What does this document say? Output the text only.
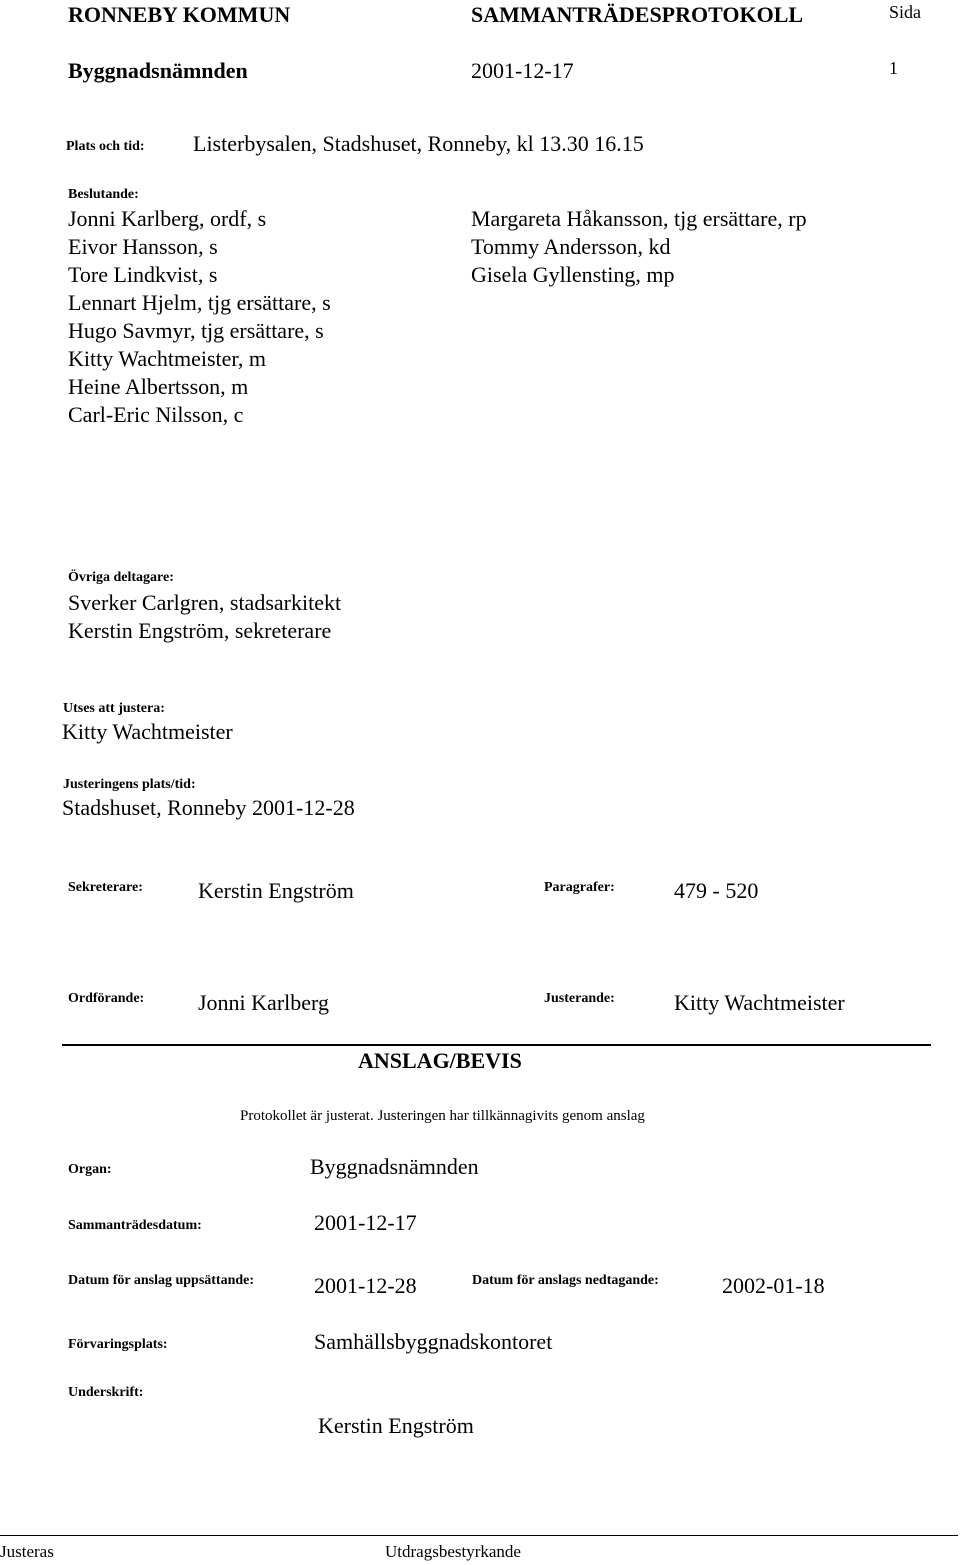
RONNEBY KOMMUN	SAMMANTRÄDESPROTOKOLL	Sida
Byggnadsnämnden	2001-12-17	1
Plats och tid: Listerbysalen, Stadshuset, Ronneby, kl 13.30 16.15
Beslutande:
Jonni Karlberg, ordf, s
Eivor Hansson, s
Tore Lindkvist, s
Lennart Hjelm, tjg ersättare, s
Hugo Savmyr, tjg ersättare, s
Kitty Wachtmeister, m
Heine Albertsson, m
Carl-Eric Nilsson, c
Margareta Håkansson, tjg ersättare, rp
Tommy Andersson, kd
Gisela Gyllensting, mp
Övriga deltagare:
Sverker Carlgren, stadsarkitekt
Kerstin Engström, sekreterare
Utses att justera:
Kitty Wachtmeister
Justeringens plats/tid:
Stadshuset, Ronneby 2001-12-28
Sekreterare:	Kerstin Engström	Paragrafer:	479 - 520
Ordförande: Jonni Karlberg	Justerande:	Kitty Wachtmeister
ANSLAG/BEVIS
Protokollet är justerat. Justeringen har tillkännagivits genom anslag
Organ:	Byggnadsnämnden
Sammanträdesdatum:	2001-12-17
Datum för anslag uppsättande:	2001-12-28	Datum för anslags nedtagande:	2002-01-18
Förvaringsplats:	Samhällsbyggnadskontoret
Underskrift:
Kerstin Engström
Justeras	Utdragsbestyrkande
